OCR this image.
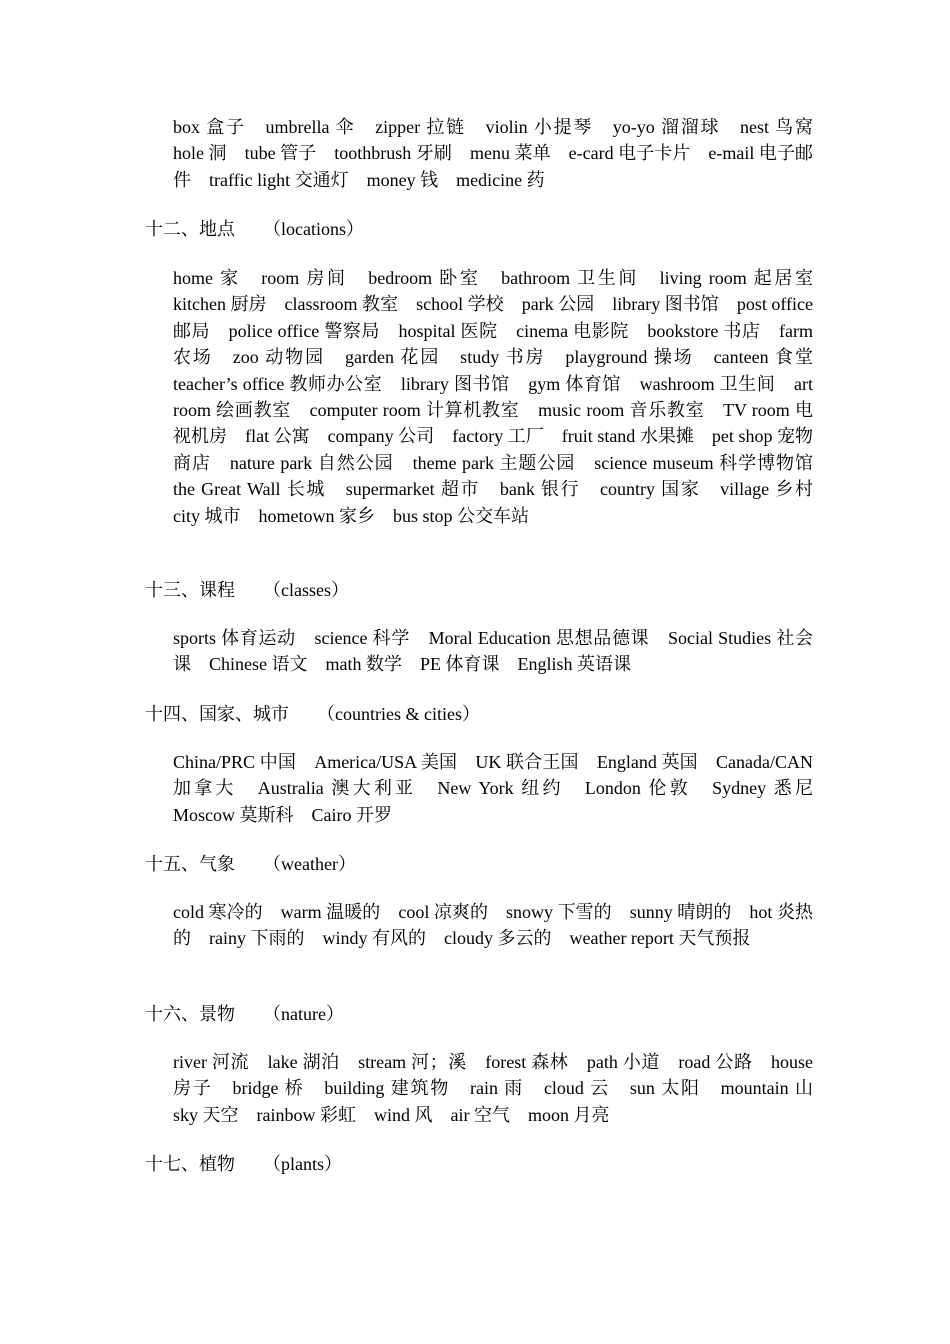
box 盒子　umbrella 伞　zipper 拉链　violin 小提琴　yo-yo 溜溜球　nest 鸟窝　hole 洞　tube 管子　toothbrush 牙刷　menu 菜单　e-card 电子卡片　e-mail 电子邮件　traffic light 交通灯　money 钱　medicine 药
十二、地点 （locations）
home 家　room 房间　bedroom 卧室　bathroom 卫生间　living room 起居室　kitchen 厨房　classroom 教室　school 学校　park 公园　library 图书馆　post office 邮局　police office 警察局　hospital 医院　cinema 电影院　bookstore 书店　farm 农场　zoo 动物园　garden 花园　study 书房　playground 操场　canteen 食堂　teacher’s office 教师办公室　library 图书馆　gym 体育馆　washroom 卫生间　art room 绘画教室　computer room 计算机教室　music room 音乐教室　TV room 电视机房　flat 公寓　company 公司　factory 工厂　fruit stand 水果摊　pet shop 宠物商店　nature park 自然公园　theme park 主题公园　science museum 科学博物馆　the Great Wall 长城　supermarket 超市　bank 银行　country 国家　village 乡村　city 城市　hometown 家乡　bus stop 公交车站
十三、课程 （classes）
sports 体育运动　science 科学　Moral Education 思想品德课　Social Studies 社会课　Chinese 语文　math 数学　PE 体育课　English 英语课
十四、国家、城市 （countries & cities）
China/PRC 中国　America/USA 美国　UK 联合王国　England 英国　Canada/CAN 加拿大　Australia 澳大利亚　New York 纽约　London 伦敦　Sydney 悉尼　Moscow 莫斯科　Cairo 开罗
十五、气象 （weather）
cold 寒冷的　warm 温暖的　cool 凉爽的　snowy 下雪的　sunny 晴朗的　hot 炎热的　rainy 下雨的　windy 有风的　cloudy 多云的　weather report 天气预报
十六、景物 （nature）
river 河流　lake 湖泊　stream 河；溪　forest 森林　path 小道　road 公路　house 房子　bridge 桥　building 建筑物　rain 雨　cloud 云　sun 太阳　mountain 山　sky 天空　rainbow 彩虹　wind 风　air 空气　moon 月亮
十七、植物 （plants）
